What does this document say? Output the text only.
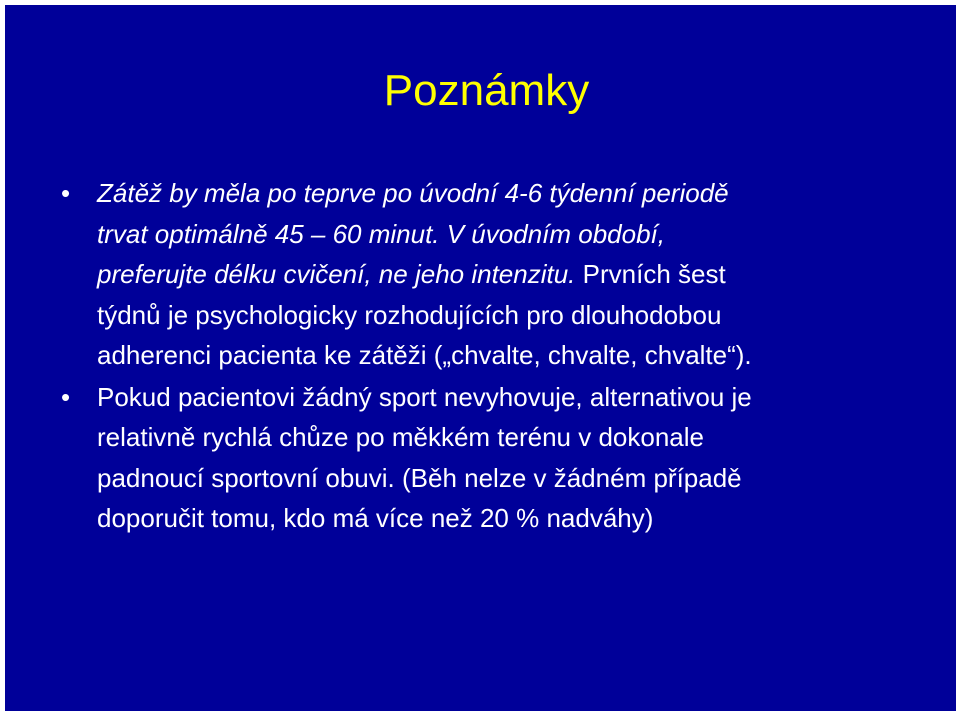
Poznámky
• Zátěž by měla po teprve po úvodní 4-6 týdenní periodě
trvat optimálně 45 – 60 minut. V úvodním období,
preferujte délku cvičení, ne jeho intenzitu. Prvních šest
týdnů je psychologicky rozhodujících pro dlouhodobou
adherenci pacienta ke zátěži („chvalte, chvalte, chvalte“).
• Pokud pacientovi žádný sport nevyhovuje, alternativou je
relativně rychlá chůze po měkkém terénu v dokonale
padnoucí sportovní obuvi. (Běh nelze v žádném případě
doporučit tomu, kdo má více než 20 % nadváhy)
